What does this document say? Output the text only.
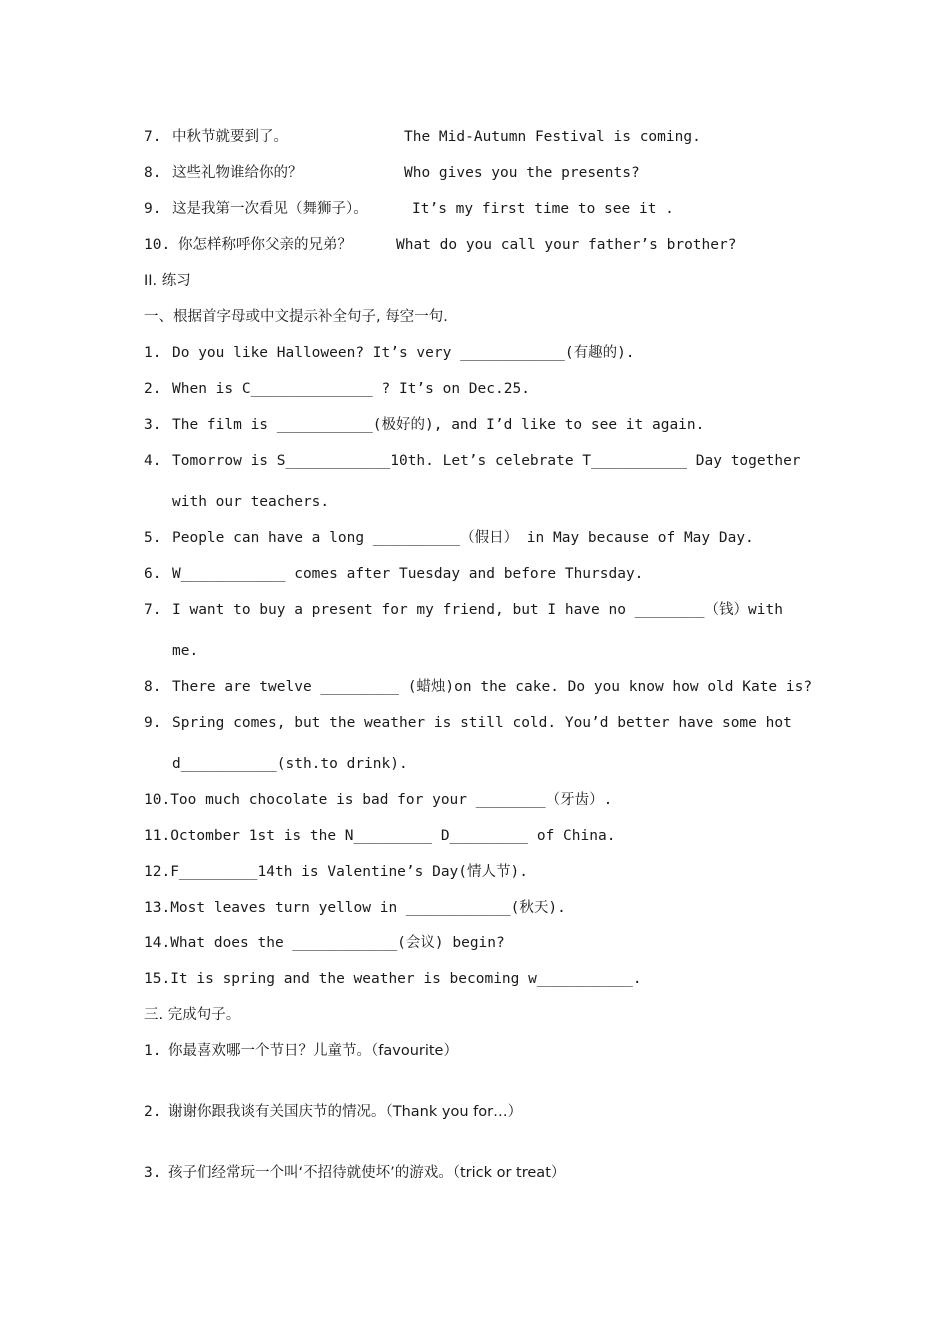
7. 中秋节就要到了。	The Mid-Autumn Festival is coming.
8. 这些礼物谁给你的？	Who gives you the presents?
9. 这是我第一次看见（舞狮子）。	It’s my first time to see it .
10. 你怎样称呼你父亲的兄弟？	What do you call your father’s brother?
II. 练习
一、根据首字母或中文提示补全句子, 每空一句.
1. Do you like Halloween? It’s very ____________(有趣的).
2. When is C______________ ? It’s on Dec.25.
3. The film is ___________(极好的), and I’d like to see it again.
4. Tomorrow is S____________10th. Let’s celebrate T___________ Day together
with our teachers.
5. People can have a long __________（假日） in May because of May Day.
6. W____________ comes after Tuesday and before Thursday.
7. I want to buy a present for my friend, but I have no ________（钱）with
me.
8. There are twelve _________ (蜡烛)on the cake. Do you know how old Kate is?
9. Spring comes, but the weather is still cold. You’d better have some hot
d___________(sth.to drink).
10.Too much chocolate is bad for your ________（牙齿）.
11.Octomber 1st is the N_________ D_________ of China.
12.F_________14th is Valentine’s Day(情人节).
13.Most leaves turn yellow in ____________(秋天).
14.What does the ____________(会议) begin?
15.It is spring and the weather is becoming w___________.
三. 完成句子。
1. 你最喜欢哪一个节日？儿童节。（favourite）
2. 谢谢你跟我谈有关国庆节的情况。（Thank you for…）
3. 孩子们经常玩一个叫‘不招待就使坏’的游戏。（trick or treat）
